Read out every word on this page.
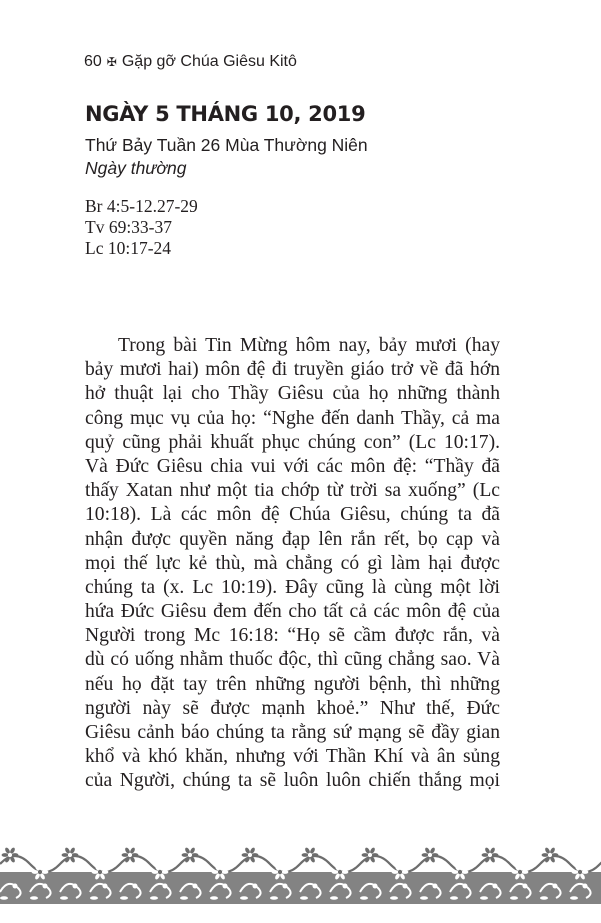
60 ✠ Gặp gỡ Chúa Giêsu Kitô
NGÀY 5 THÁNG 10, 2019
Thứ Bảy Tuần 26 Mùa Thường Niên
Ngày thường
Br 4:5-12.27-29
Tv 69:33-37
Lc 10:17-24
Trong bài Tin Mừng hôm nay, bảy mươi (hay
bảy mươi hai) môn đệ đi truyền giáo trở về đã hớn
hở thuật lại cho Thầy Giêsu của họ những thành
công mục vụ của họ: “Nghe đến danh Thầy, cả ma
quỷ cũng phải khuất phục chúng con” (Lc 10:17).
Và Đức Giêsu chia vui với các môn đệ: “Thầy đã
thấy Xatan như một tia chớp từ trời sa xuống” (Lc
10:18). Là các môn đệ Chúa Giêsu, chúng ta đã
nhận được quyền năng đạp lên rắn rết, bọ cạp và
mọi thế lực kẻ thù, mà chẳng có gì làm hại được
chúng ta (x. Lc 10:19). Đây cũng là cùng một lời
hứa Đức Giêsu đem đến cho tất cả các môn đệ của
Người trong Mc 16:18: “Họ sẽ cầm được rắn, và
dù có uống nhằm thuốc độc, thì cũng chẳng sao. Và
nếu họ đặt tay trên những người bệnh, thì những
người này sẽ được mạnh khoẻ.” Như thế, Đức
Giêsu cảnh báo chúng ta rằng sứ mạng sẽ đầy gian
khổ và khó khăn, nhưng với Thần Khí và ân sủng
của Người, chúng ta sẽ luôn luôn chiến thắng mọi
